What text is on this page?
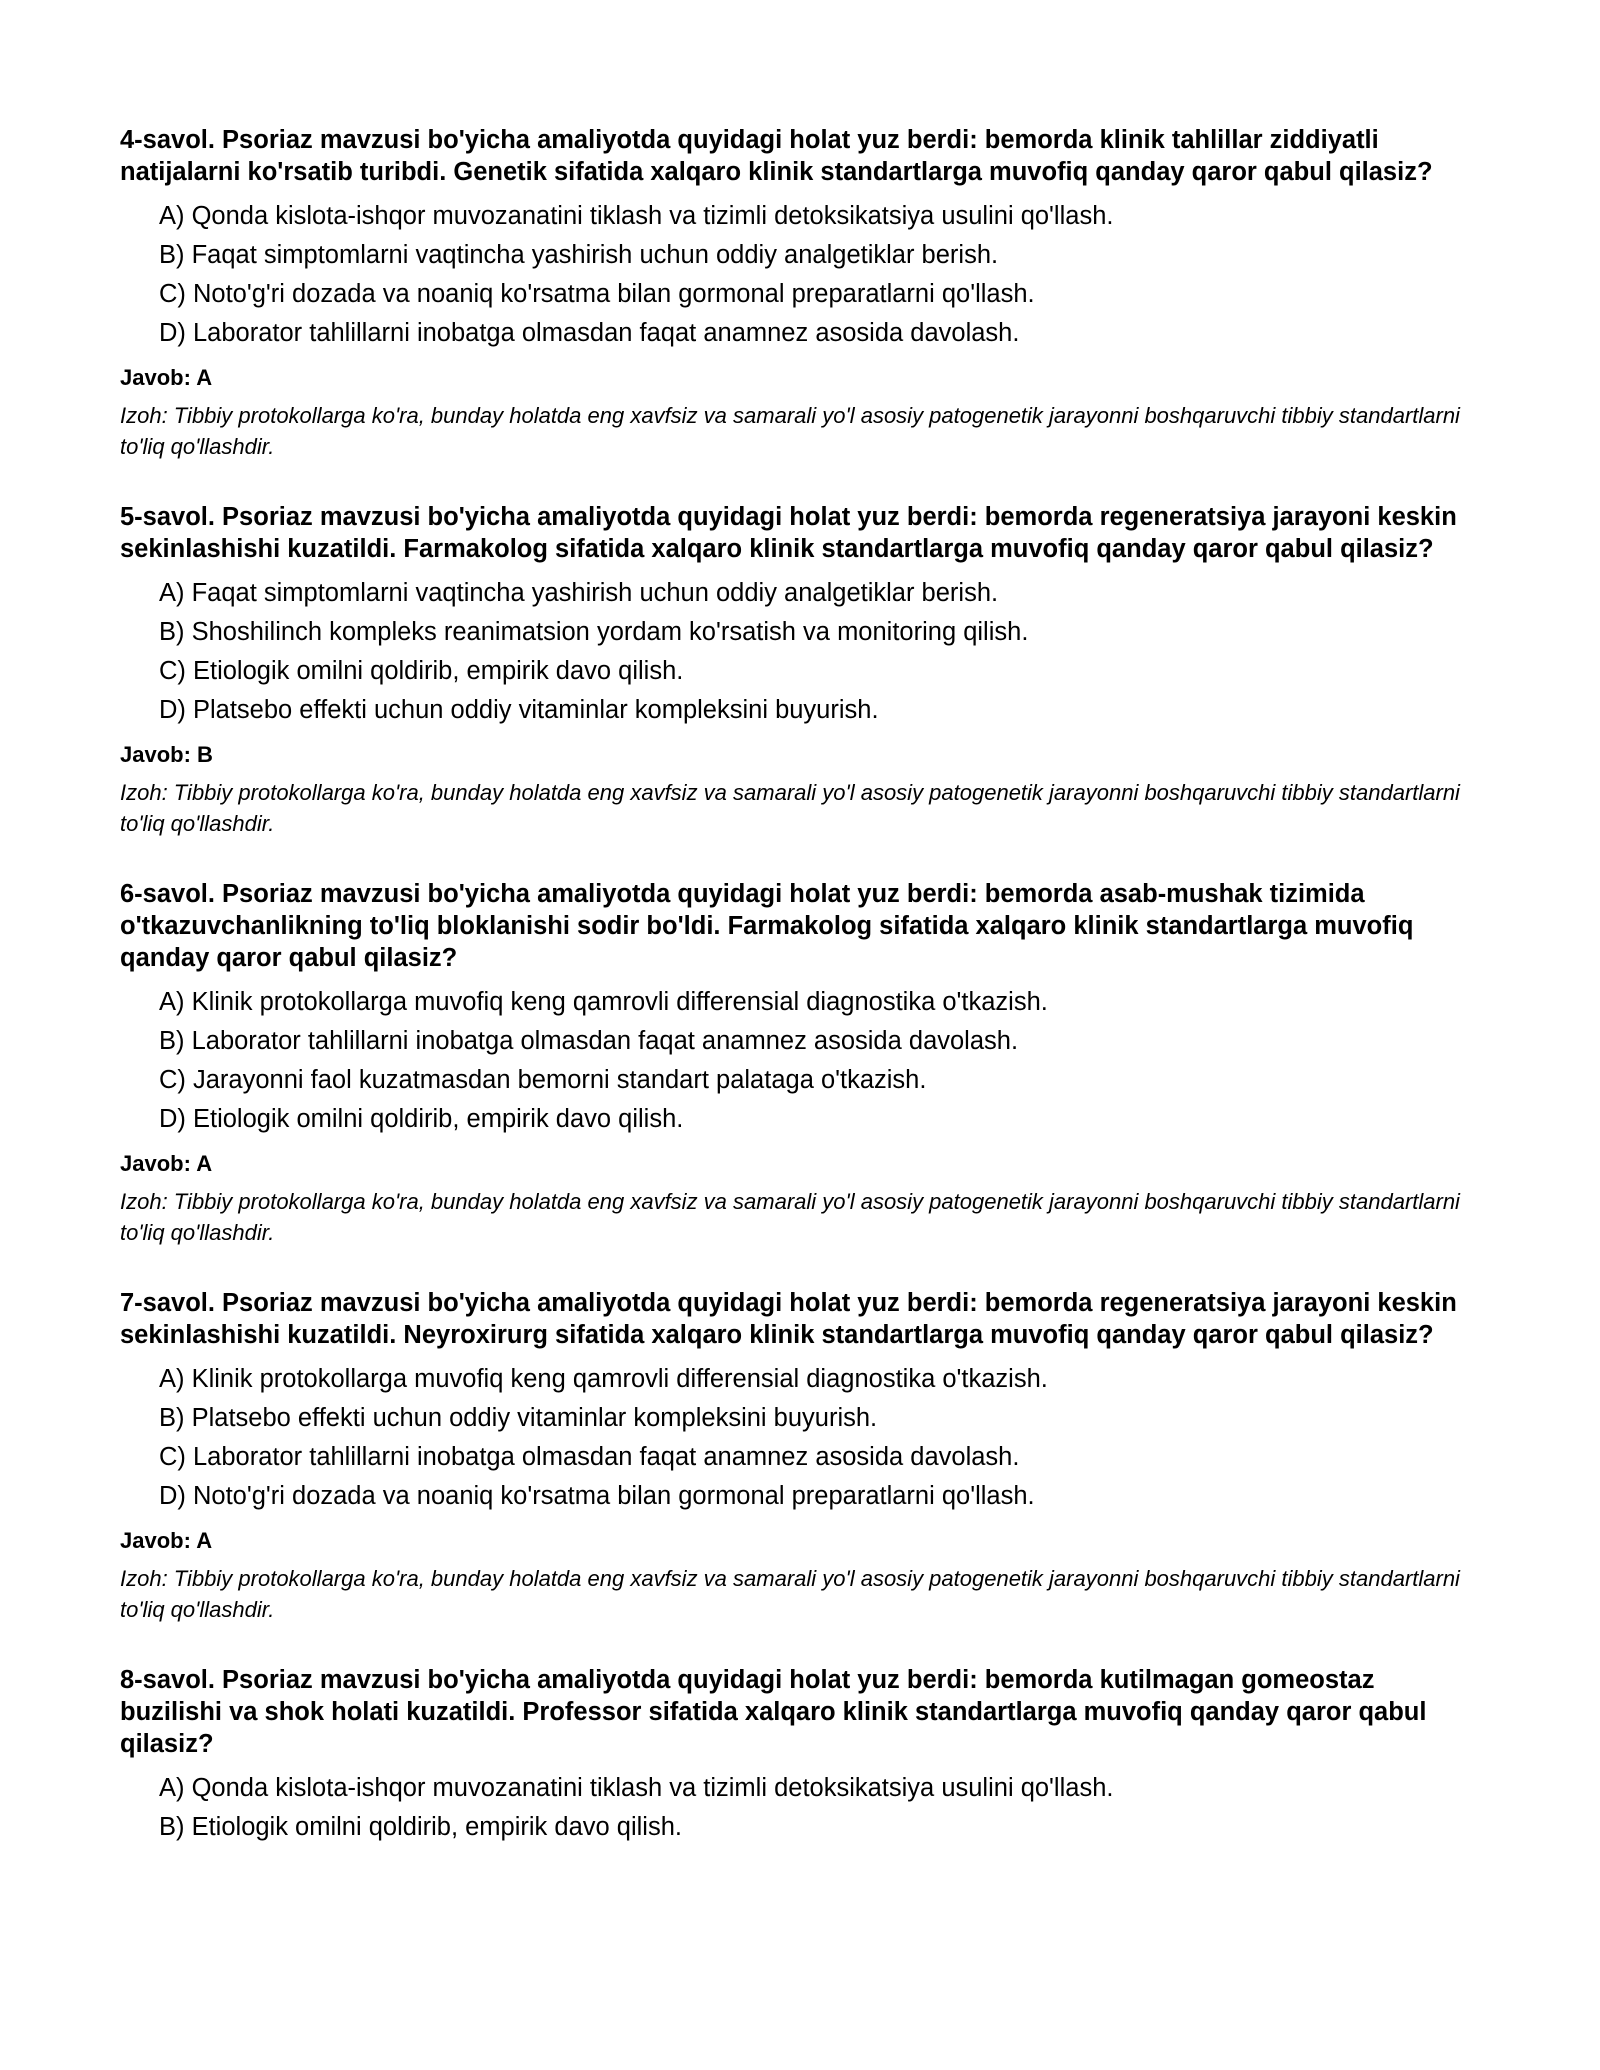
4-savol. Psoriaz mavzusi bo'yicha amaliyotda quyidagi holat yuz berdi: bemorda klinik tahlillar ziddiyatli natijalarni ko'rsatib turibdi. Genetik sifatida xalqaro klinik standartlarga muvofiq qanday qaror qabul qilasiz?
A) Qonda kislota-ishqor muvozanatini tiklash va tizimli detoksikatsiya usulini qo'llash.
B) Faqat simptomlarni vaqtincha yashirish uchun oddiy analgetiklar berish.
C) Noto'g'ri dozada va noaniq ko'rsatma bilan gormonal preparatlarni qo'llash.
D) Laborator tahlillarni inobatga olmasdan faqat anamnez asosida davolash.
Javob: A
Izoh: Tibbiy protokollarga ko'ra, bunday holatda eng xavfsiz va samarali yo'l asosiy patogenetik jarayonni boshqaruvchi tibbiy standartlarni to'liq qo'llashdir.
5-savol. Psoriaz mavzusi bo'yicha amaliyotda quyidagi holat yuz berdi: bemorda regeneratsiya jarayoni keskin sekinlashishi kuzatildi. Farmakolog sifatida xalqaro klinik standartlarga muvofiq qanday qaror qabul qilasiz?
A) Faqat simptomlarni vaqtincha yashirish uchun oddiy analgetiklar berish.
B) Shoshilinch kompleks reanimatsion yordam ko'rsatish va monitoring qilish.
C) Etiologik omilni qoldirib, empirik davo qilish.
D) Platsebo effekti uchun oddiy vitaminlar kompleksini buyurish.
Javob: B
Izoh: Tibbiy protokollarga ko'ra, bunday holatda eng xavfsiz va samarali yo'l asosiy patogenetik jarayonni boshqaruvchi tibbiy standartlarni to'liq qo'llashdir.
6-savol. Psoriaz mavzusi bo'yicha amaliyotda quyidagi holat yuz berdi: bemorda asab-mushak tizimida o'tkazuvchanlikning to'liq bloklanishi sodir bo'ldi. Farmakolog sifatida xalqaro klinik standartlarga muvofiq qanday qaror qabul qilasiz?
A) Klinik protokollarga muvofiq keng qamrovli differensial diagnostika o'tkazish.
B) Laborator tahlillarni inobatga olmasdan faqat anamnez asosida davolash.
C) Jarayonni faol kuzatmasdan bemorni standart palataga o'tkazish.
D) Etiologik omilni qoldirib, empirik davo qilish.
Javob: A
Izoh: Tibbiy protokollarga ko'ra, bunday holatda eng xavfsiz va samarali yo'l asosiy patogenetik jarayonni boshqaruvchi tibbiy standartlarni to'liq qo'llashdir.
7-savol. Psoriaz mavzusi bo'yicha amaliyotda quyidagi holat yuz berdi: bemorda regeneratsiya jarayoni keskin sekinlashishi kuzatildi. Neyroxirurg sifatida xalqaro klinik standartlarga muvofiq qanday qaror qabul qilasiz?
A) Klinik protokollarga muvofiq keng qamrovli differensial diagnostika o'tkazish.
B) Platsebo effekti uchun oddiy vitaminlar kompleksini buyurish.
C) Laborator tahlillarni inobatga olmasdan faqat anamnez asosida davolash.
D) Noto'g'ri dozada va noaniq ko'rsatma bilan gormonal preparatlarni qo'llash.
Javob: A
Izoh: Tibbiy protokollarga ko'ra, bunday holatda eng xavfsiz va samarali yo'l asosiy patogenetik jarayonni boshqaruvchi tibbiy standartlarni to'liq qo'llashdir.
8-savol. Psoriaz mavzusi bo'yicha amaliyotda quyidagi holat yuz berdi: bemorda kutilmagan gomeostaz buzilishi va shok holati kuzatildi. Professor sifatida xalqaro klinik standartlarga muvofiq qanday qaror qabul qilasiz?
A) Qonda kislota-ishqor muvozanatini tiklash va tizimli detoksikatsiya usulini qo'llash.
B) Etiologik omilni qoldirib, empirik davo qilish.
